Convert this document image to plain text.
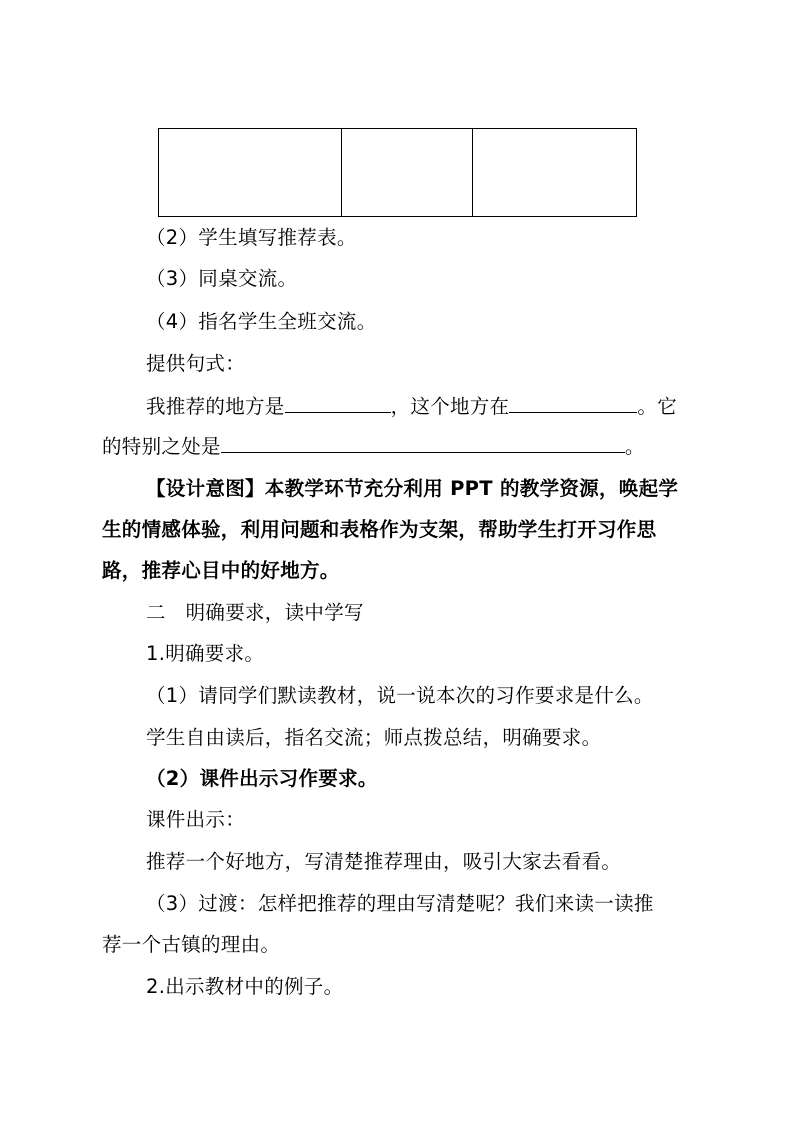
（2）学生填写推荐表。
（3）同桌交流。
（4）指名学生全班交流。
提供句式：
我推荐的地方是	，这个地方在	。它
的特别之处是	。
【设计意图】本教学环节充分利用 PPT 的教学资源，唤起学
生的情感体验，利用问题和表格作为支架，帮助学生打开习作思
路，推荐心目中的好地方。
二　明确要求，读中学写
1.明确要求。
（1）请同学们默读教材，说一说本次的习作要求是什么。
学生自由读后，指名交流；师点拨总结，明确要求。
（2）课件出示习作要求。
课件出示：
推荐一个好地方，写清楚推荐理由，吸引大家去看看。
（3）过渡：怎样把推荐的理由写清楚呢？我们来读一读推
荐一个古镇的理由。
2.出示教材中的例子。
